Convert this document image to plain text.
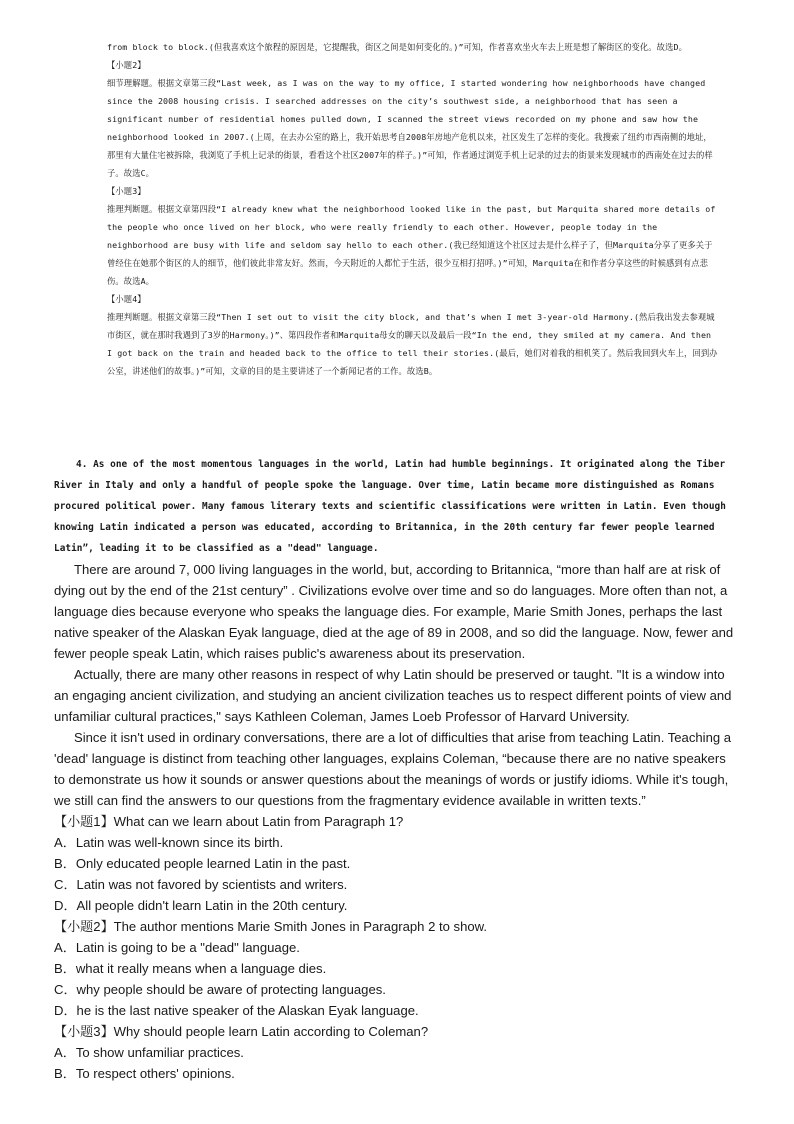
from block to block.(但我喜欢这个旅程的原因是，它提醒我，街区之间是如何变化的。)”可知，作者喜欢坐火车去上班是想了解街区的变化。故选D。

【小题2】

细节理解题。根据文章第三段“Last week, as I was on the way to my office, I started wondering how neighborhoods have changed since the 2008 housing crisis. I searched addresses on the city’s southwest side, a neighborhood that has seen a significant number of residential homes pulled down, I scanned the street views recorded on my phone and saw how the neighborhood looked in 2007.(上周，在去办公室的路上，我开始思考自2008年房地产危机以来，社区发生了怎样的变化。我搜索了纽约市西南侧的地址，那里有大量住宅被拆除，我浏览了手机上记录的街景，看看这个社区2007年的样子。)”可知，作者通过浏览手机上记录的过去的街景来发现城市的西南处在过去的样子。故选C。

【小题3】

推理判断题。根据文章第四段“I already knew what the neighborhood looked like in the past, but Marquita shared more details of the people who once lived on her block, who were really friendly to each other. However, people today in the neighborhood are busy with life and seldom say hello to each other.(我已经知道这个社区过去是什么样子了，但Marquita分享了更多关于曾经住在她那个街区的人的细节，他们彼此非常友好。然而，今天附近的人都忙于生活，很少互相打招呼。)”可知，Marquita在和作者分享这些的时候感到有点悲伤。故选A。

【小题4】

推理判断题。根据文章第三段“Then I set out to visit the city block, and that’s when I met 3-year-old Harmony.(然后我出发去参观城市街区，就在那时我遇到了3岁的Harmony。)”、第四段作者和Marquita母女的聊天以及最后一段“In the end, they smiled at my camera. And then I got back on the train and headed back to the office to tell their stories.(最后，她们对着我的相机笑了。然后我回到火车上，回到办公室，讲述他们的故事。)”可知，文章的目的是主要讲述了一个新闻记者的工作。故选B。

4. As one of the most momentous languages in the world, Latin had humble beginnings. It originated along the Tiber River in Italy and only a handful of people spoke the language. Over time, Latin became more distinguished as Romans procured political power. Many famous literary texts and scientific classifications were written in Latin. Even though knowing Latin indicated a person was educated, according to Britannica, in the 20th century far fewer people learned Latin”, leading it to be classified as a "dead" language.

There are around 7, 000 living languages in the world, but, according to Britannica, “more than half are at risk of dying out by the end of the 21st century” . Civilizations evolve over time and so do languages. More often than not, a language dies because everyone who speaks the language dies. For example, Marie Smith Jones, perhaps the last native speaker of the Alaskan Eyak language, died at the age of 89 in 2008, and so did the language. Now, fewer and fewer people speak Latin, which raises public's awareness about its preservation.

Actually, there are many other reasons in respect of why Latin should be preserved or taught. "It is a window into an engaging ancient civilization, and studying an ancient civilization teaches us to respect different points of view and unfamiliar cultural practices," says Kathleen Coleman, James Loeb Professor of Harvard University.

Since it isn't used in ordinary conversations, there are a lot of difficulties that arise from teaching Latin. Teaching a 'dead' language is distinct from teaching other languages, explains Coleman, “because there are no native speakers to demonstrate us how it sounds or answer questions about the meanings of words or justify idioms. While it's tough, we still can find the answers to our questions from the fragmentary evidence available in written texts.”

【小题1】What can we learn about Latin from Paragraph 1?

A．Latin was well-known since its birth.

B．Only educated people learned Latin in the past.

C．Latin was not favored by scientists and writers.

D．All people didn't learn Latin in the 20th century.

【小题2】The author mentions Marie Smith Jones in Paragraph 2 to show.

A．Latin is going to be a "dead" language.

B．what it really means when a language dies.

C．why people should be aware of protecting languages.

D．he is the last native speaker of the Alaskan Eyak language.

【小题3】Why should people learn Latin according to Coleman?

A．To show unfamiliar practices.

B．To respect others' opinions.
